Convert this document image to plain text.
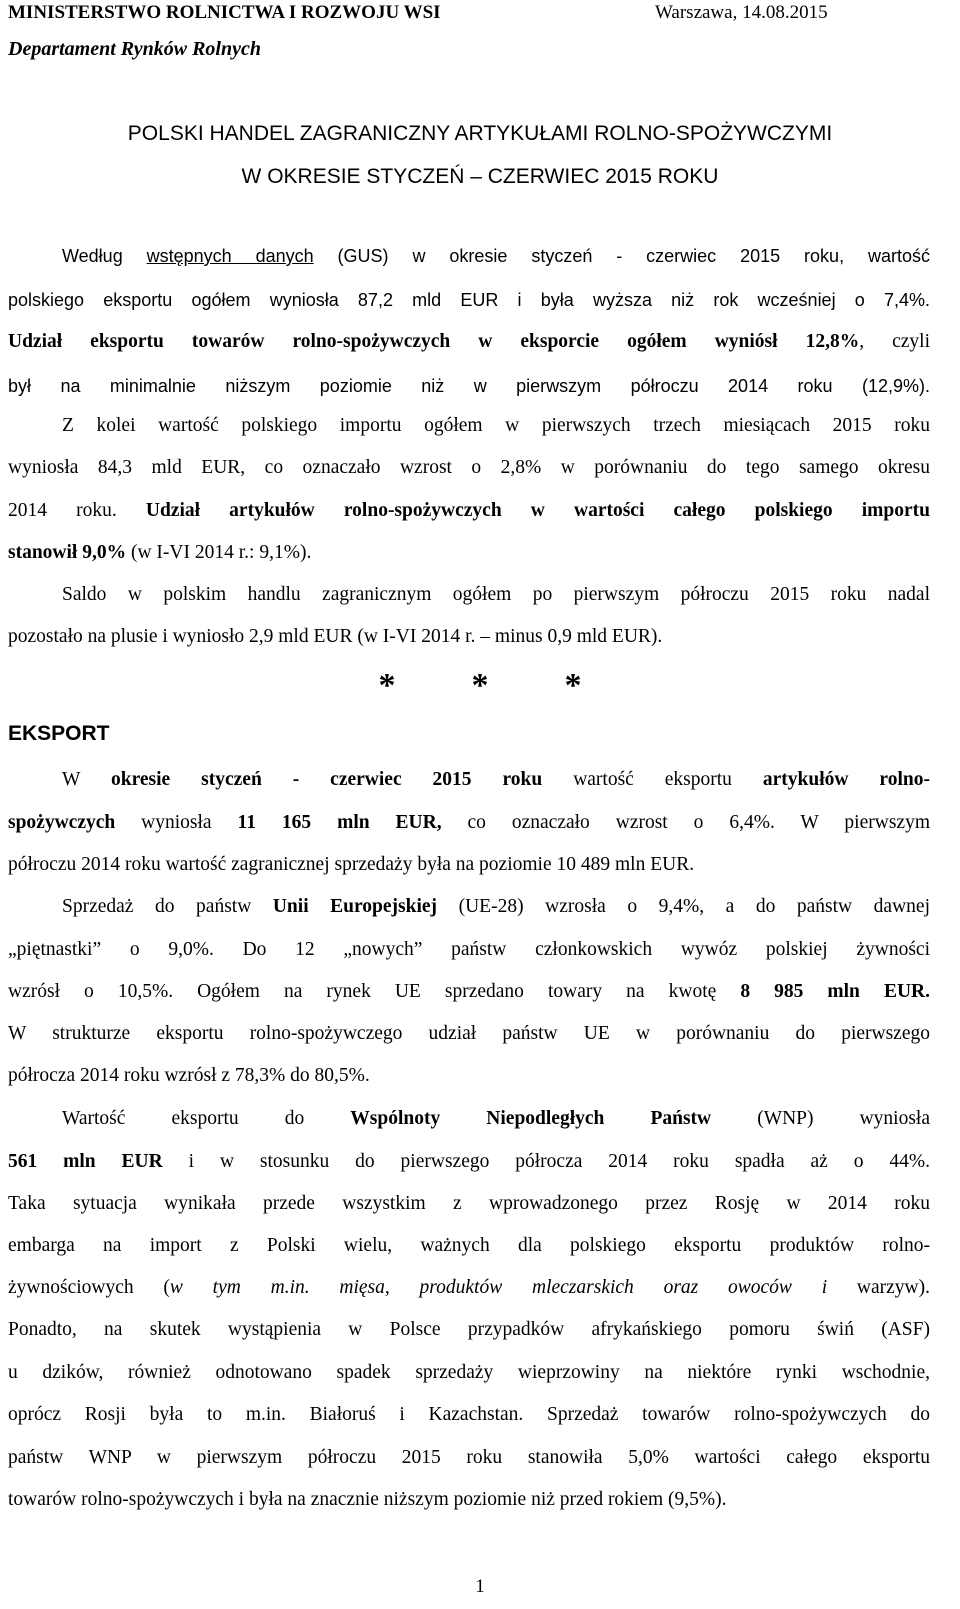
MINISTERSTWO ROLNICTWA I ROZWOJU WSI	Warszawa, 14.08.2015
Departament Rynków Rolnych
POLSKI HANDEL ZAGRANICZNY ARTYKUŁAMI ROLNO-SPOŻYWCZYMI
W OKRESIE STYCZEŃ – CZERWIEC 2015 ROKU
Według wstępnych danych (GUS) w okresie styczeń - czerwiec 2015 roku, wartość
polskiego eksportu ogółem wyniosła 87,2 mld EUR i była wyższa niż rok wcześniej o 7,4%.
Udział eksportu towarów rolno-spożywczych w eksporcie ogółem wyniósł 12,8%, czyli
był na minimalnie niższym poziomie niż w pierwszym półroczu 2014 roku (12,9%).
Z kolei wartość polskiego importu ogółem w pierwszych trzech miesiącach 2015 roku
wyniosła 84,3 mld EUR, co oznaczało wzrost o 2,8% w porównaniu do tego samego okresu
2014 roku. Udział artykułów rolno-spożywczych w wartości całego polskiego importu
stanowił 9,0% (w I-VI 2014 r.: 9,1%).
Saldo w polskim handlu zagranicznym ogółem po pierwszym półroczu 2015 roku nadal
pozostało na plusie i wyniosło 2,9 mld EUR (w I-VI 2014 r. – minus 0,9 mld EUR).
* * *
EKSPORT
W okresie styczeń - czerwiec 2015 roku wartość eksportu artykułów rolno-
spożywczych wyniosła 11 165 mln EUR, co oznaczało wzrost o 6,4%. W pierwszym
półroczu 2014 roku wartość zagranicznej sprzedaży była na poziomie 10 489 mln EUR.
Sprzedaż do państw Unii Europejskiej (UE-28) wzrosła o 9,4%, a do państw dawnej
„piętnastki” o 9,0%. Do 12 „nowych” państw członkowskich wywóz polskiej żywności
wzrósł o 10,5%. Ogółem na rynek UE sprzedano towary na kwotę 8 985 mln EUR.
W strukturze eksportu rolno-spożywczego udział państw UE w porównaniu do pierwszego
półrocza 2014 roku wzrósł z 78,3% do 80,5%.
Wartość eksportu do Wspólnoty Niepodległych Państw (WNP) wyniosła
561 mln EUR i w stosunku do pierwszego półrocza 2014 roku spadła aż o 44%.
Taka sytuacja wynikała przede wszystkim z wprowadzonego przez Rosję w 2014 roku
embarga na import z Polski wielu, ważnych dla polskiego eksportu produktów rolno-
żywnościowych (w tym m.in. mięsa, produktów mleczarskich oraz owoców i warzyw).
Ponadto, na skutek wystąpienia w Polsce przypadków afrykańskiego pomoru świń (ASF)
u dzików, również odnotowano spadek sprzedaży wieprzowiny na niektóre rynki wschodnie,
oprócz Rosji była to m.in. Białoruś i Kazachstan. Sprzedaż towarów rolno-spożywczych do
państw WNP w pierwszym półroczu 2015 roku stanowiła 5,0% wartości całego eksportu
towarów rolno-spożywczych i była na znacznie niższym poziomie niż przed rokiem (9,5%).
1
